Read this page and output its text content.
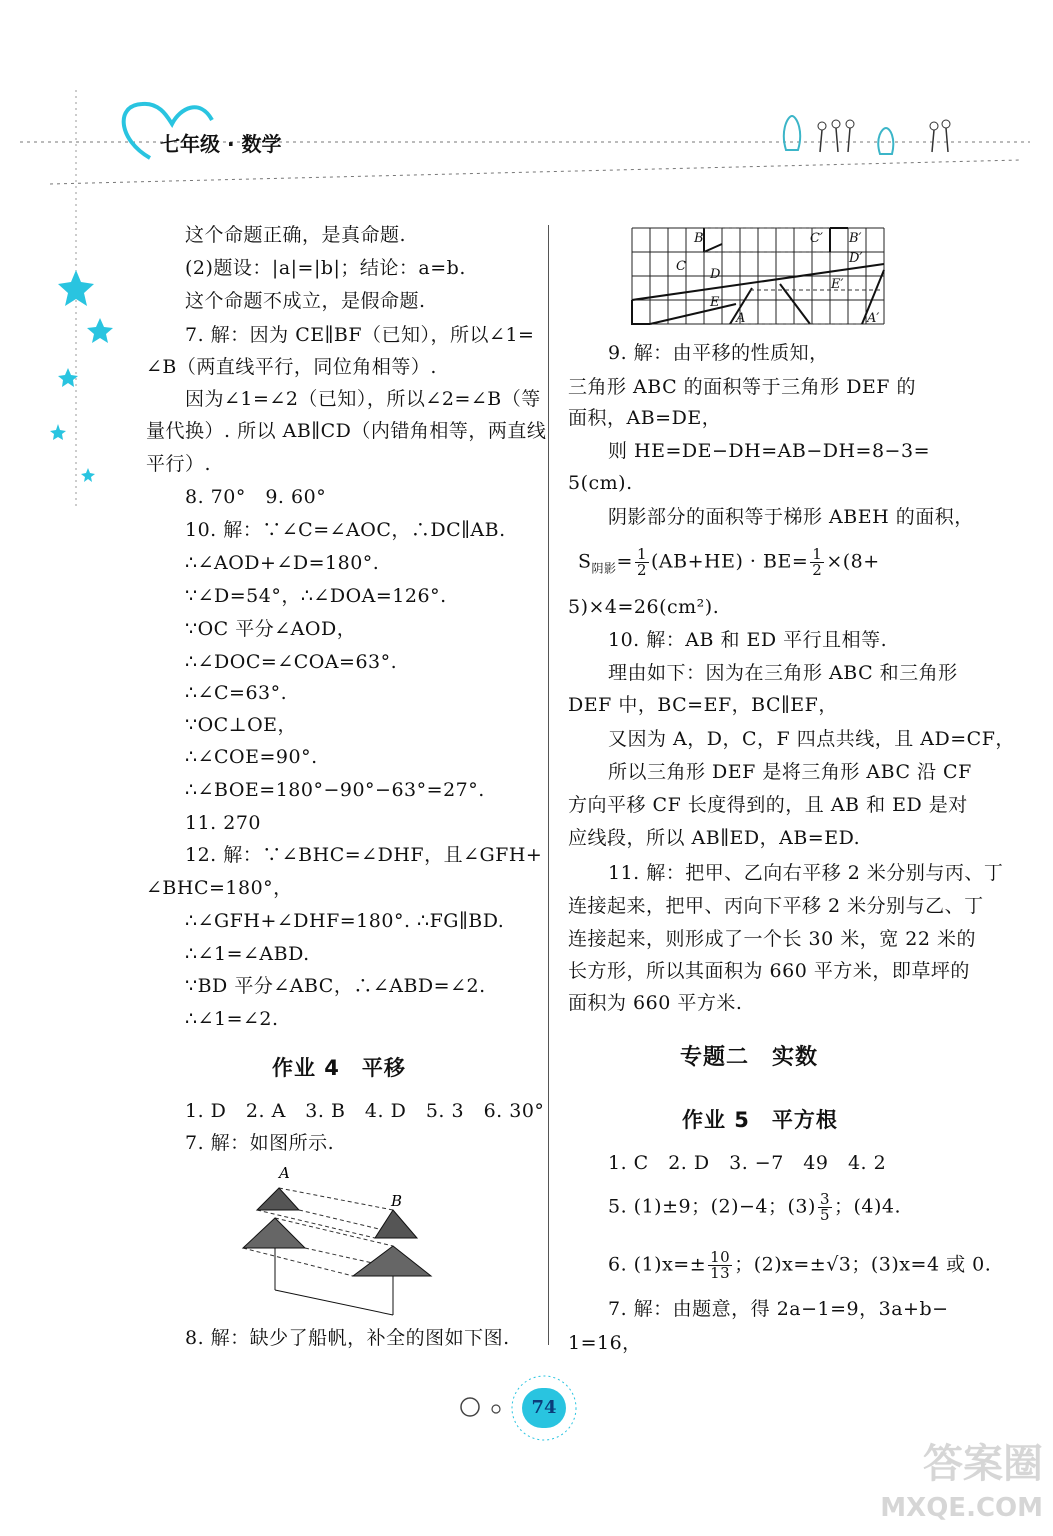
七年级 · 数学
这个命题正确，是真命题.
(2)题设：|a|=|b|；结论：a=b.
这个命题不成立，是假命题.
7. 解：因为 CE∥BF（已知），所以∠1=
∠B（两直线平行，同位角相等）.
因为∠1=∠2（已知），所以∠2=∠B（等
量代换）. 所以 AB∥CD（内错角相等，两直线
平行）.
8. 70°　9. 60°
10. 解：∵∠C=∠AOC，∴DC∥AB.
∴∠AOD+∠D=180°.
∵∠D=54°，∴∠DOA=126°.
∵OC 平分∠AOD，
∴∠DOC=∠COA=63°.
∴∠C=63°.
∵OC⊥OE，
∴∠COE=90°.
∴∠BOE=180°−90°−63°=27°.
11. 270
12. 解：∵∠BHC=∠DHF，且∠GFH+
∠BHC=180°，
∴∠GFH+∠DHF=180°. ∴FG∥BD.
∴∠1=∠ABD.
∵BD 平分∠ABC，∴∠ABD=∠2.
∴∠1=∠2.
作业 4　平移
1. D　2. A　3. B　4. D　5. 3　6. 30°
7. 解：如图所示.
A
B
8. 解：缺少了船帆，补全的图如下图.
B
C
D
E
A
C′ B′
D′
E′
A′
9. 解：由平移的性质知，
三角形 ABC 的面积等于三角形 DEF 的
面积，AB=DE，
则 HE=DE−DH=AB−DH=8−3=
5(cm).
阴影部分的面积等于梯形 ABEH 的面积，
$S_{阴影}= \frac{1}{2} (AB+HE) \cdot BE= \frac{1}{2} \times(8+$
5)×4=26(cm²).
10. 解：AB 和 ED 平行且相等.
理由如下：因为在三角形 ABC 和三角形
DEF 中，BC=EF，BC∥EF，
又因为 A，D，C，F 四点共线，且 AD=CF，
所以三角形 DEF 是将三角形 ABC 沿 CF
方向平移 CF 长度得到的，且 AB 和 ED 是对
应线段，所以 AB∥ED，AB=ED.
11. 解：把甲、乙向右平移 2 米分别与丙、丁
连接起来，把甲、丙向下平移 2 米分别与乙、丁
连接起来，则形成了一个长 30 米，宽 22 米的
长方形，所以其面积为 660 平方米，即草坪的
面积为 660 平方米.
专题二　实数
作业 5　平方根
1. C　2. D　3. −7　49　4. 2
5. (1)±9；(2)−4；$(3) \frac{3}{5}$ ；(4)4.
6. $(1)x=\pm \frac{10}{13}$ ；(2)x=±√3；(3)x=4 或 0.
7. 解：由题意，得 2a−1=9，3a+b−
1=16，
74
答案圈
MXQE.COM
